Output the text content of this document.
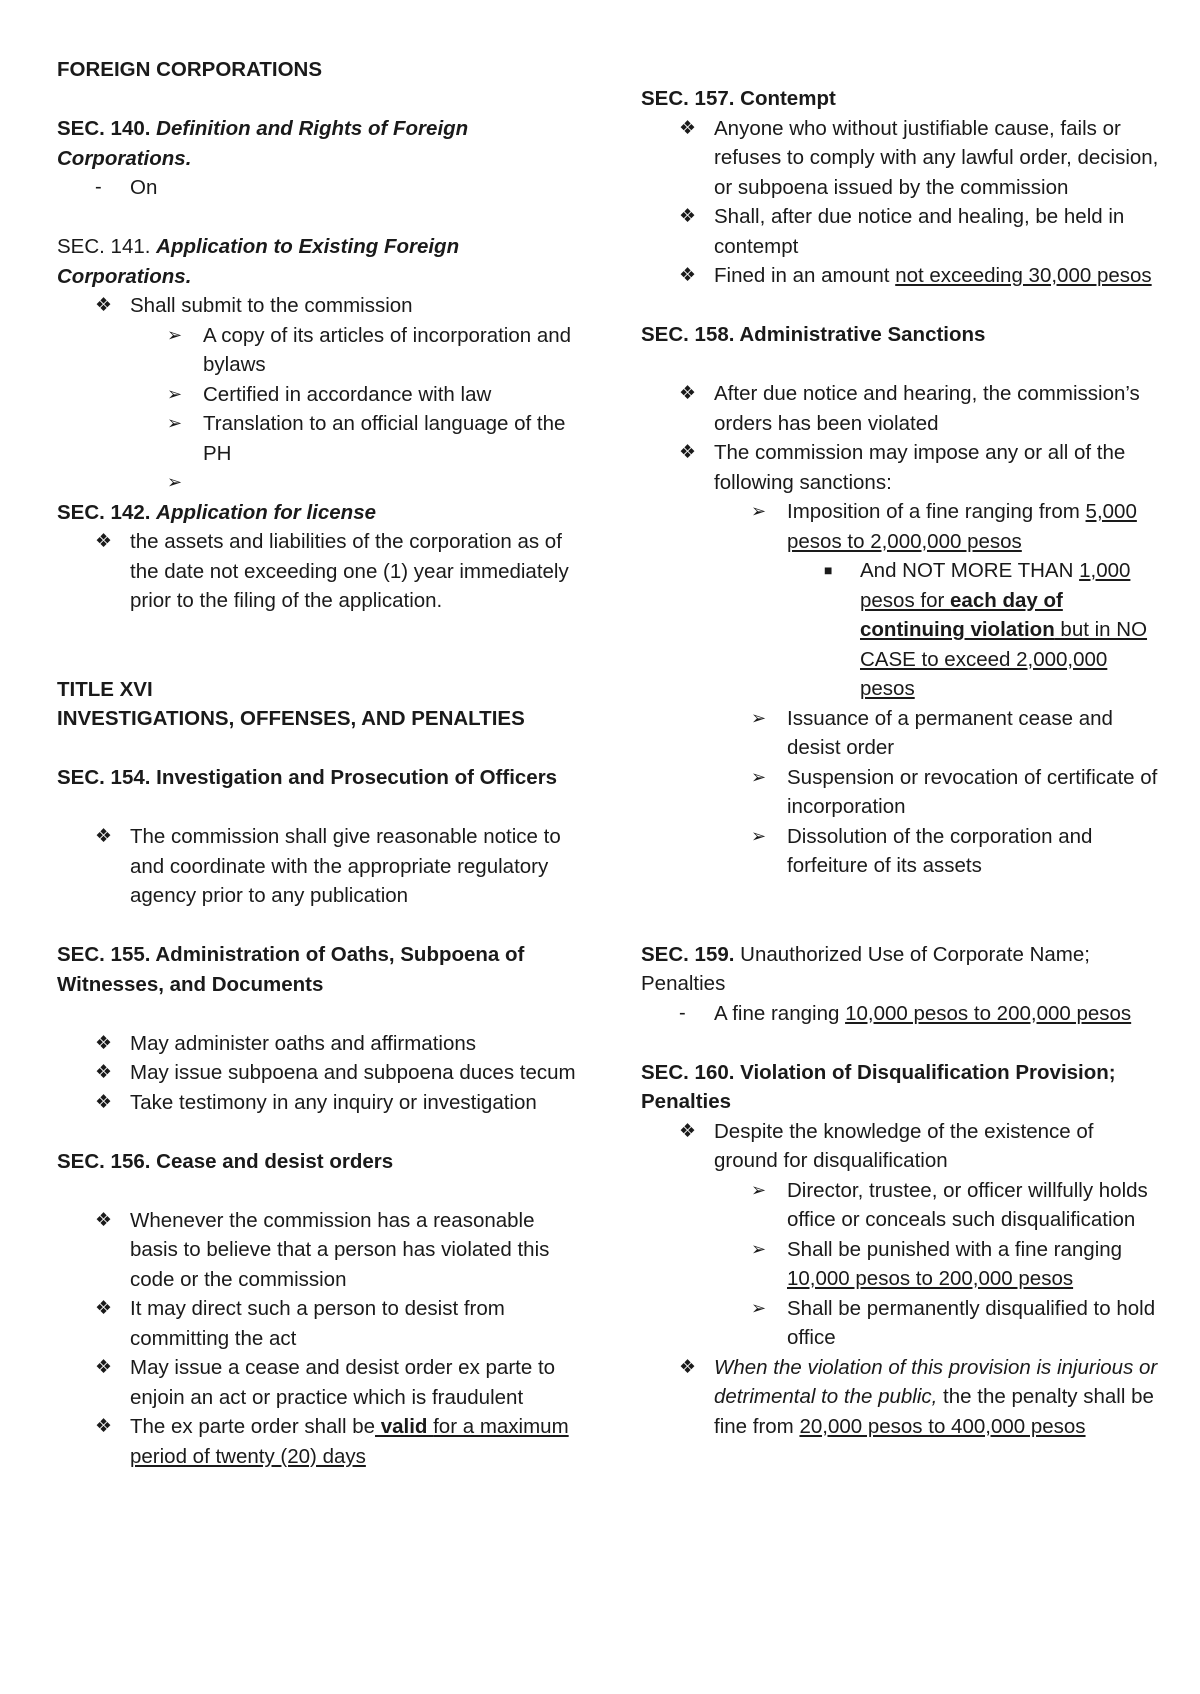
FOREIGN CORPORATIONS
SEC. 140. Definition and Rights of Foreign Corporations.
- On
SEC. 141. Application to Existing Foreign Corporations.
❖ Shall submit to the commission
➢ A copy of its articles of incorporation and bylaws
➢ Certified in accordance with law
➢ Translation to an official language of the PH
➢
SEC. 142. Application for license
❖ the assets and liabilities of the corporation as of the date not exceeding one (1) year immediately prior to the filing of the application.
TITLE XVI
INVESTIGATIONS, OFFENSES, AND PENALTIES
SEC. 154. Investigation and Prosecution of Officers
❖ The commission shall give reasonable notice to and coordinate with the appropriate regulatory agency prior to any publication
SEC. 155. Administration of Oaths, Subpoena of Witnesses, and Documents
❖ May administer oaths and affirmations
❖ May issue subpoena and subpoena duces tecum
❖ Take testimony in any inquiry or investigation
SEC. 156. Cease and desist orders
❖ Whenever the commission has a reasonable basis to believe that a person has violated this code or the commission
❖ It may direct such a person to desist from committing the act
❖ May issue a cease and desist order ex parte to enjoin an act or practice which is fraudulent
❖ The ex parte order shall be valid for a maximum period of twenty (20) days
SEC. 157. Contempt
❖ Anyone who without justifiable cause, fails or refuses to comply with any lawful order, decision, or subpoena issued by the commission
❖ Shall, after due notice and healing, be held in contempt
❖ Fined in an amount not exceeding 30,000 pesos
SEC. 158. Administrative Sanctions
❖ After due notice and hearing, the commission’s orders has been violated
❖ The commission may impose any or all of the following sanctions:
➢ Imposition of a fine ranging from 5,000 pesos to 2,000,000 pesos
■ And NOT MORE THAN 1,000 pesos for each day of continuing violation but in NO CASE to exceed 2,000,000 pesos
➢ Issuance of a permanent cease and desist order
➢ Suspension or revocation of certificate of incorporation
➢ Dissolution of the corporation and forfeiture of its assets
SEC. 159. Unauthorized Use of Corporate Name; Penalties
- A fine ranging 10,000 pesos to 200,000 pesos
SEC. 160. Violation of Disqualification Provision; Penalties
❖ Despite the knowledge of the existence of ground for disqualification
➢ Director, trustee, or officer willfully holds office or conceals such disqualification
➢ Shall be punished with a fine ranging 10,000 pesos to 200,000 pesos
➢ Shall be permanently disqualified to hold office
❖ When the violation of this provision is injurious or detrimental to the public, the the penalty shall be fine from 20,000 pesos to 400,000 pesos
